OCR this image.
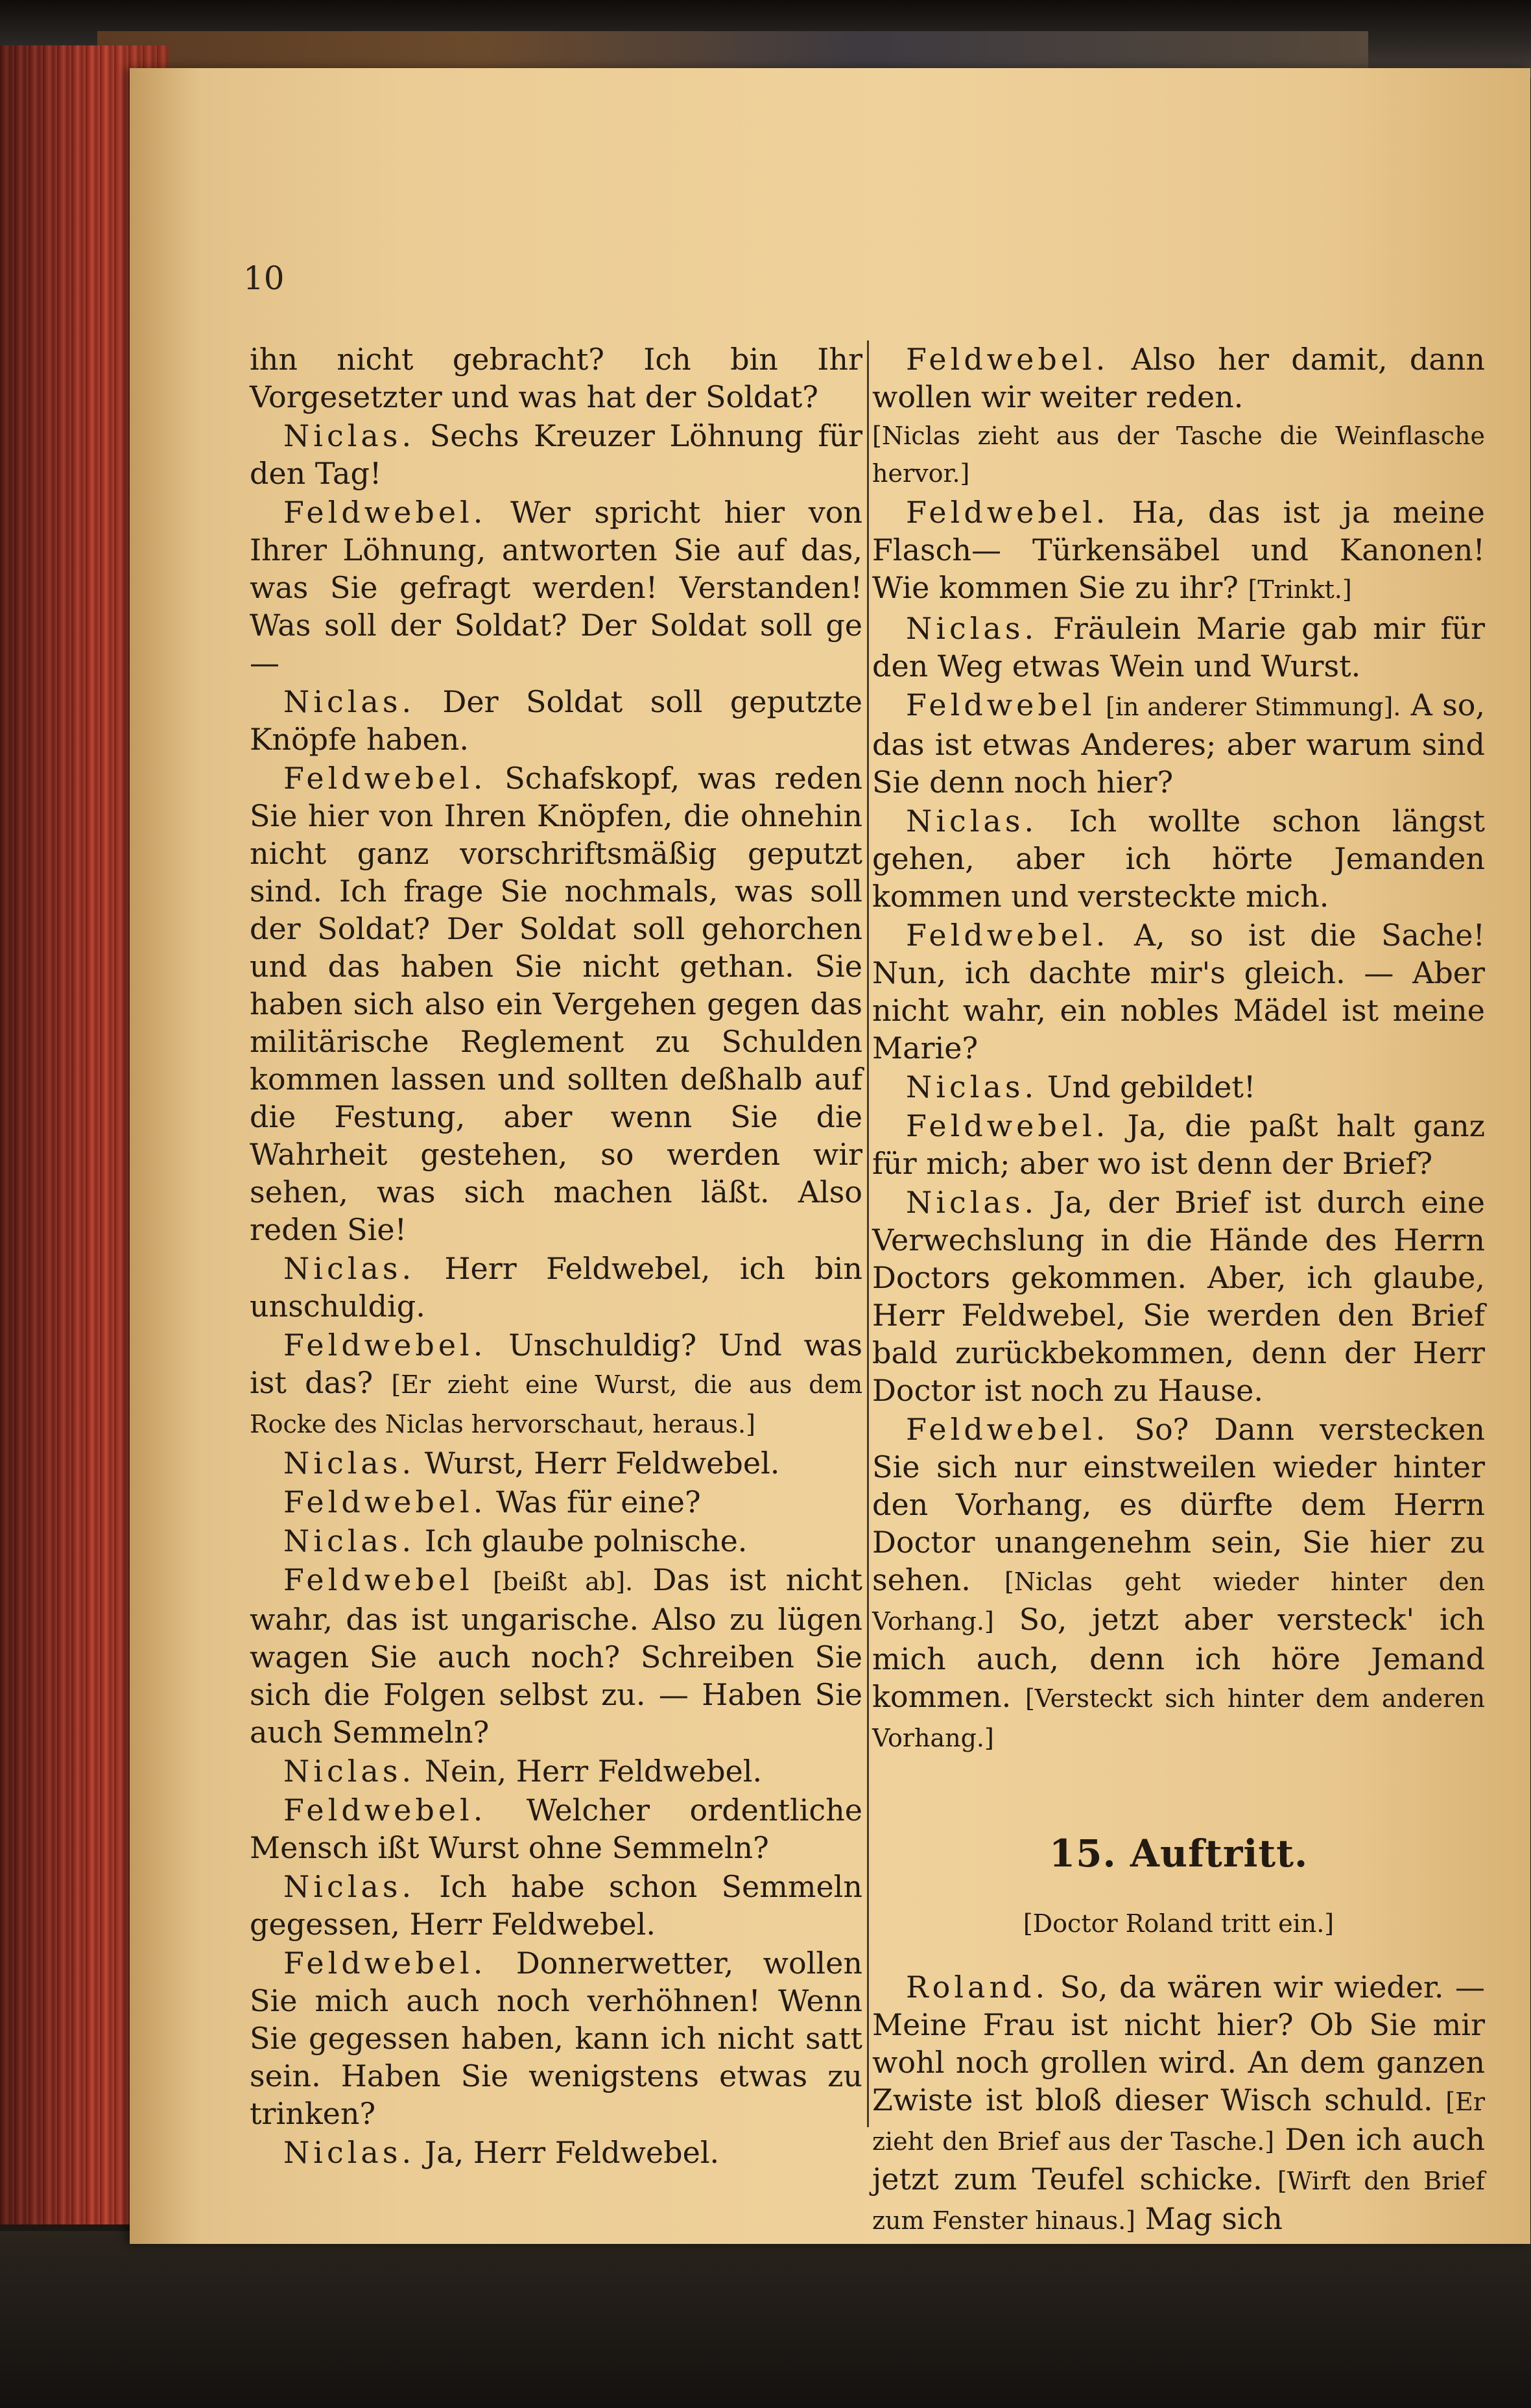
10

ihn nicht gebracht? Ich bin Ihr Vorgesetzter und was hat der Soldat?

Niclas. Sechs Kreuzer Löhnung für den Tag!

Feldwebel. Wer spricht hier von Ihrer Löhnung, antworten Sie auf das, was Sie gefragt werden! Verstanden! Was soll der Soldat? Der Soldat soll ge—

Niclas. Der Soldat soll geputzte Knöpfe haben.

Feldwebel. Schafskopf, was reden Sie hier von Ihren Knöpfen, die ohnehin nicht ganz vorschriftsmäßig geputzt sind. Ich frage Sie nochmals, was soll der Soldat? Der Soldat soll gehorchen und das haben Sie nicht gethan. Sie haben sich also ein Vergehen gegen das militärische Reglement zu Schulden kommen lassen und sollten deßhalb auf die Festung, aber wenn Sie die Wahrheit gestehen, so werden wir sehen, was sich machen läßt. Also reden Sie!

Niclas. Herr Feldwebel, ich bin unschuldig.

Feldwebel. Unschuldig? Und was ist das? [Er zieht eine Wurst, die aus dem Rocke des Niclas hervorschaut, heraus.]

Niclas. Wurst, Herr Feldwebel.

Feldwebel. Was für eine?

Niclas. Ich glaube polnische.

Feldwebel [beißt ab]. Das ist nicht wahr, das ist ungarische. Also zu lügen wagen Sie auch noch? Schreiben Sie sich die Folgen selbst zu. — Haben Sie auch Semmeln?

Niclas. Nein, Herr Feldwebel.

Feldwebel. Welcher ordentliche Mensch ißt Wurst ohne Semmeln?

Niclas. Ich habe schon Semmeln gegessen, Herr Feldwebel.

Feldwebel. Donnerwetter, wollen Sie mich auch noch verhöhnen! Wenn Sie gegessen haben, kann ich nicht satt sein. Haben Sie wenigstens etwas zu trinken?

Niclas. Ja, Herr Feldwebel.

Feldwebel. Also her damit, dann wollen wir weiter reden.

[Niclas zieht aus der Tasche die Weinflasche hervor.]

Feldwebel. Ha, das ist ja meine Flasch— Türkensäbel und Kanonen! Wie kommen Sie zu ihr? [Trinkt.]

Niclas. Fräulein Marie gab mir für den Weg etwas Wein und Wurst.

Feldwebel [in anderer Stimmung]. A so, das ist etwas Anderes; aber warum sind Sie denn noch hier?

Niclas. Ich wollte schon längst gehen, aber ich hörte Jemanden kommen und versteckte mich.

Feldwebel. A, so ist die Sache! Nun, ich dachte mir's gleich. — Aber nicht wahr, ein nobles Mädel ist meine Marie?

Niclas. Und gebildet!

Feldwebel. Ja, die paßt halt ganz für mich; aber wo ist denn der Brief?

Niclas. Ja, der Brief ist durch eine Verwechslung in die Hände des Herrn Doctors gekommen. Aber, ich glaube, Herr Feldwebel, Sie werden den Brief bald zurückbekommen, denn der Herr Doctor ist noch zu Hause.

Feldwebel. So? Dann verstecken Sie sich nur einstweilen wieder hinter den Vorhang, es dürfte dem Herrn Doctor unangenehm sein, Sie hier zu sehen. [Niclas geht wieder hinter den Vorhang.] So, jetzt aber versteck' ich mich auch, denn ich höre Jemand kommen. [Versteckt sich hinter dem anderen Vorhang.]

15. Auftritt.
[Doctor Roland tritt ein.]

Roland. So, da wären wir wieder. — Meine Frau ist nicht hier? Ob Sie mir wohl noch grollen wird. An dem ganzen Zwiste ist bloß dieser Wisch schuld. [Er zieht den Brief aus der Tasche.] Den ich auch jetzt zum Teufel schicke. [Wirft den Brief zum Fenster hinaus.] Mag sich
